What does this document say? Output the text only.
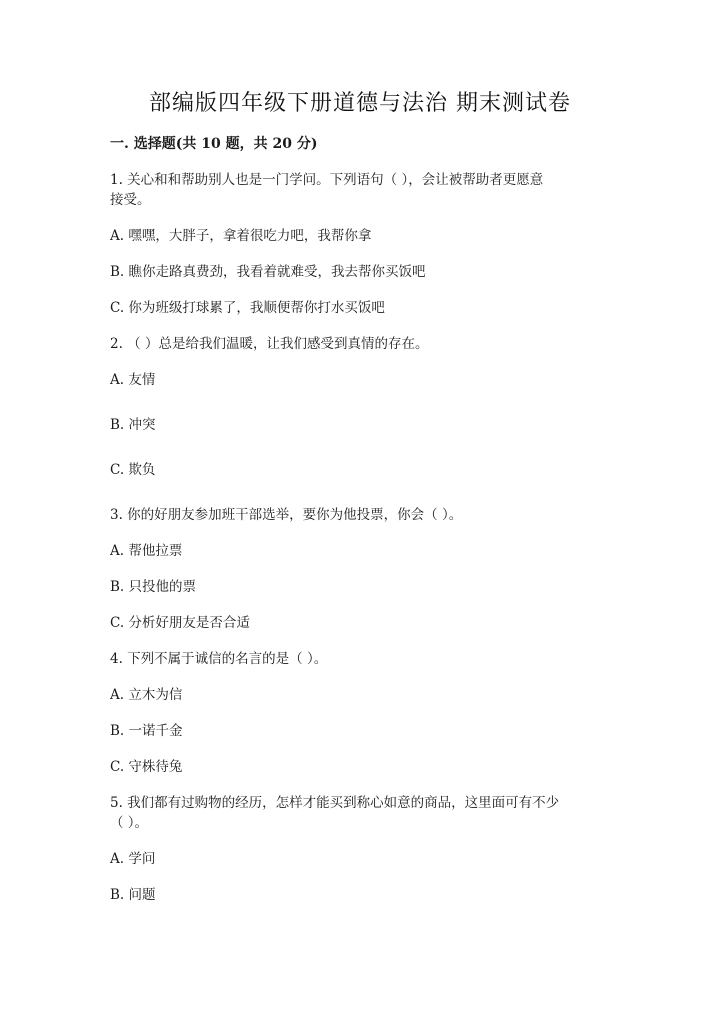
部编版四年级下册道德与法治 期末测试卷
一. 选择题(共 10 题，共 20 分)
1. 关心和和帮助别人也是一门学问。下列语句（ ），会让被帮助者更愿意
接受。
A. 嘿嘿，大胖子，拿着很吃力吧，我帮你拿
B. 瞧你走路真费劲，我看着就难受，我去帮你买饭吧
C. 你为班级打球累了，我顺便帮你打水买饭吧
2. （ ）总是给我们温暖，让我们感受到真情的存在。
A. 友情
B. 冲突
C. 欺负
3. 你的好朋友参加班干部选举，要你为他投票，你会（ ）。
A. 帮他拉票
B. 只投他的票
C. 分析好朋友是否合适
4. 下列不属于诚信的名言的是（ ）。
A. 立木为信
B. 一诺千金
C. 守株待兔
5. 我们都有过购物的经历，怎样才能买到称心如意的商品，这里面可有不少
（ ）。
A. 学问
B. 问题
